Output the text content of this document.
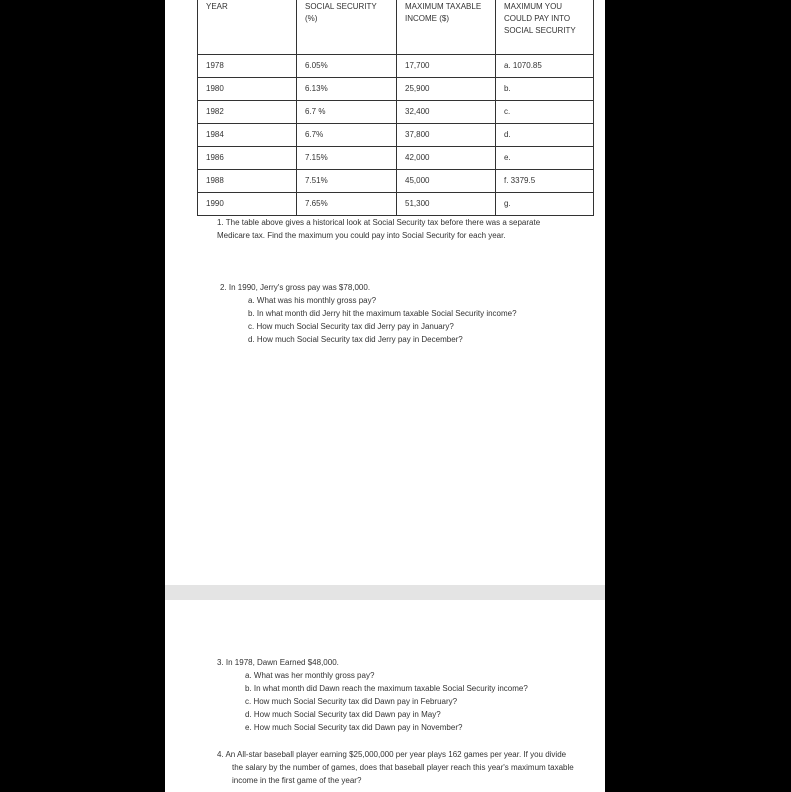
YEAR	SOCIAL SECURITY (%)	MAXIMUM TAXABLE INCOME ($)	MAXIMUM YOU COULD PAY INTO SOCIAL SECURITY
1978	6.05%	17,700	a. 1070.85
1980	6.13%	25,900	b.
1982	6.7 %	32,400	c.
1984	6.7%	37,800	d.
1986	7.15%	42,000	e.
1988	7.51%	45,000	f. 3379.5
1990	7.65%	51,300	g.

1. The table above gives a historical look at Social Security tax before there was a separate

Medicare tax. Find the maximum you could pay into Social Security for each year.

2. In 1990, Jerry's gross pay was $78,000.

a. What was his monthly gross pay?

b. In what month did Jerry hit the maximum taxable Social Security income?

c. How much Social Security tax did Jerry pay in January?

d. How much Social Security tax did Jerry pay in December?

3. In 1978, Dawn Earned $48,000.

a. What was her monthly gross pay?

b. In what month did Dawn reach the maximum taxable Social Security income?

c. How much Social Security tax did Dawn pay in February?

d. How much Social Security tax did Dawn pay in May?

e. How much Social Security tax did Dawn pay in November?

4. An All-star baseball player earning $25,000,000 per year plays 162 games per year. If you divide

the salary by the number of games, does that baseball player reach this year's maximum taxable

income in the first game of the year?
